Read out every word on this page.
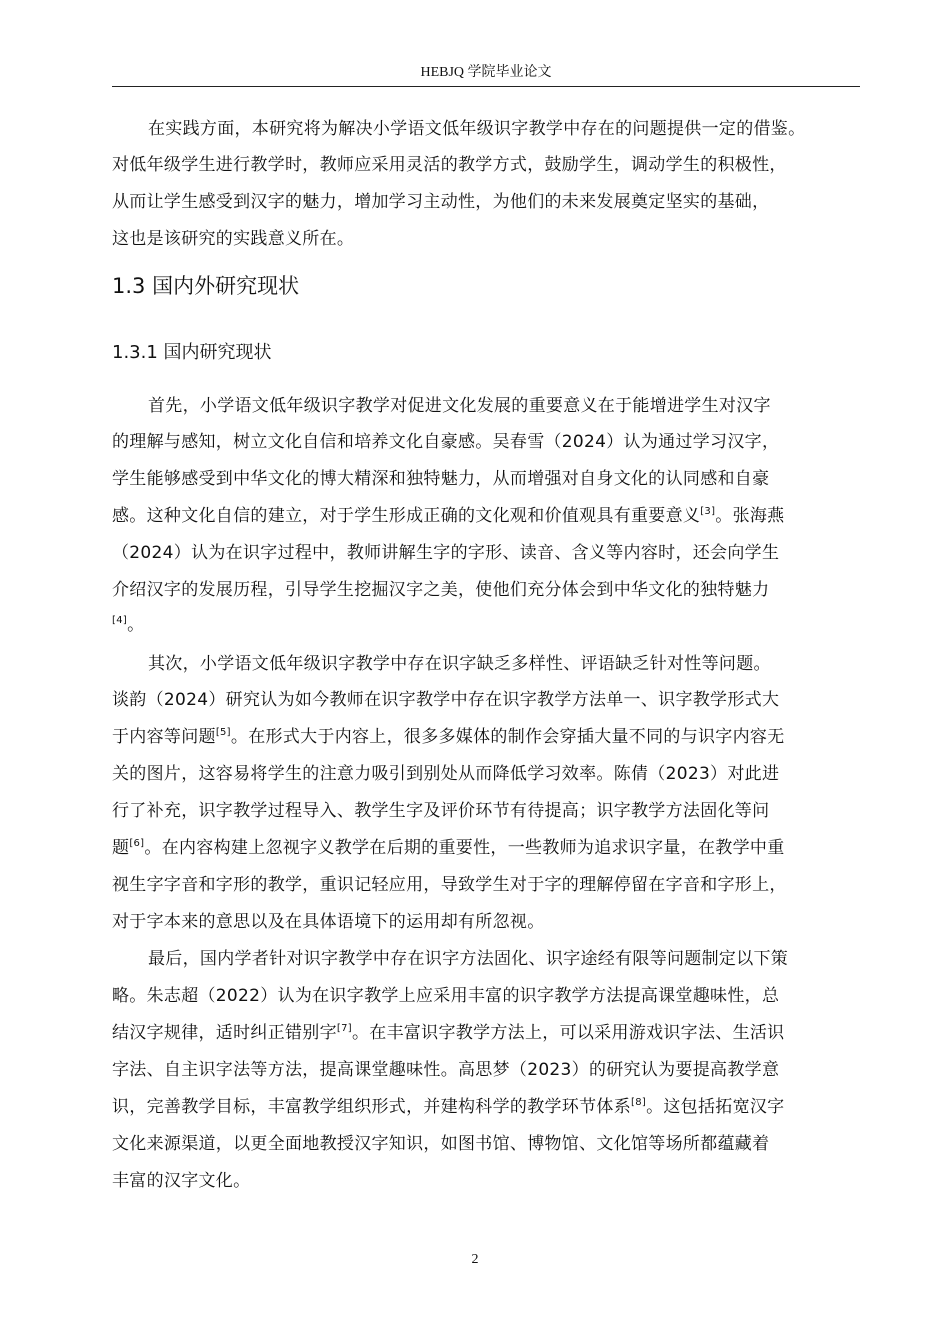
HEBJQ 学院毕业论文
在实践方面，本研究将为解决小学语文低年级识字教学中存在的问题提供一定的借鉴。
对低年级学生进行教学时，教师应采用灵活的教学方式，鼓励学生，调动学生的积极性，
从而让学生感受到汉字的魅力，增加学习主动性，为他们的未来发展奠定坚实的基础，
这也是该研究的实践意义所在。
1.3 国内外研究现状
1.3.1 国内研究现状
首先，小学语文低年级识字教学对促进文化发展的重要意义在于能增进学生对汉字
的理解与感知，树立文化自信和培养文化自豪感。吴春雪（2024）认为通过学习汉字，
学生能够感受到中华文化的博大精深和独特魅力，从而增强对自身文化的认同感和自豪
感。这种文化自信的建立，对于学生形成正确的文化观和价值观具有重要意义[3]。张海燕
（2024）认为在识字过程中，教师讲解生字的字形、读音、含义等内容时，还会向学生
介绍汉字的发展历程，引导学生挖掘汉字之美，使他们充分体会到中华文化的独特魅力
[4]。
其次，小学语文低年级识字教学中存在识字缺乏多样性、评语缺乏针对性等问题。
谈韵（2024）研究认为如今教师在识字教学中存在识字教学方法单一、识字教学形式大
于内容等问题[5]。在形式大于内容上，很多多媒体的制作会穿插大量不同的与识字内容无
关的图片，这容易将学生的注意力吸引到别处从而降低学习效率。陈倩（2023）对此进
行了补充，识字教学过程导入、教学生字及评价环节有待提高；识字教学方法固化等问
题[6]。在内容构建上忽视字义教学在后期的重要性，一些教师为追求识字量，在教学中重
视生字字音和字形的教学，重识记轻应用，导致学生对于字的理解停留在字音和字形上，
对于字本来的意思以及在具体语境下的运用却有所忽视。
最后，国内学者针对识字教学中存在识字方法固化、识字途经有限等问题制定以下策
略。朱志超（2022）认为在识字教学上应采用丰富的识字教学方法提高课堂趣味性，总
结汉字规律，适时纠正错别字[7]。在丰富识字教学方法上，可以采用游戏识字法、生活识
字法、自主识字法等方法，提高课堂趣味性。高思梦（2023）的研究认为要提高教学意
识，完善教学目标，丰富教学组织形式，并建构科学的教学环节体系[8]。这包括拓宽汉字
文化来源渠道，以更全面地教授汉字知识，如图书馆、博物馆、文化馆等场所都蕴藏着
丰富的汉字文化。
2
